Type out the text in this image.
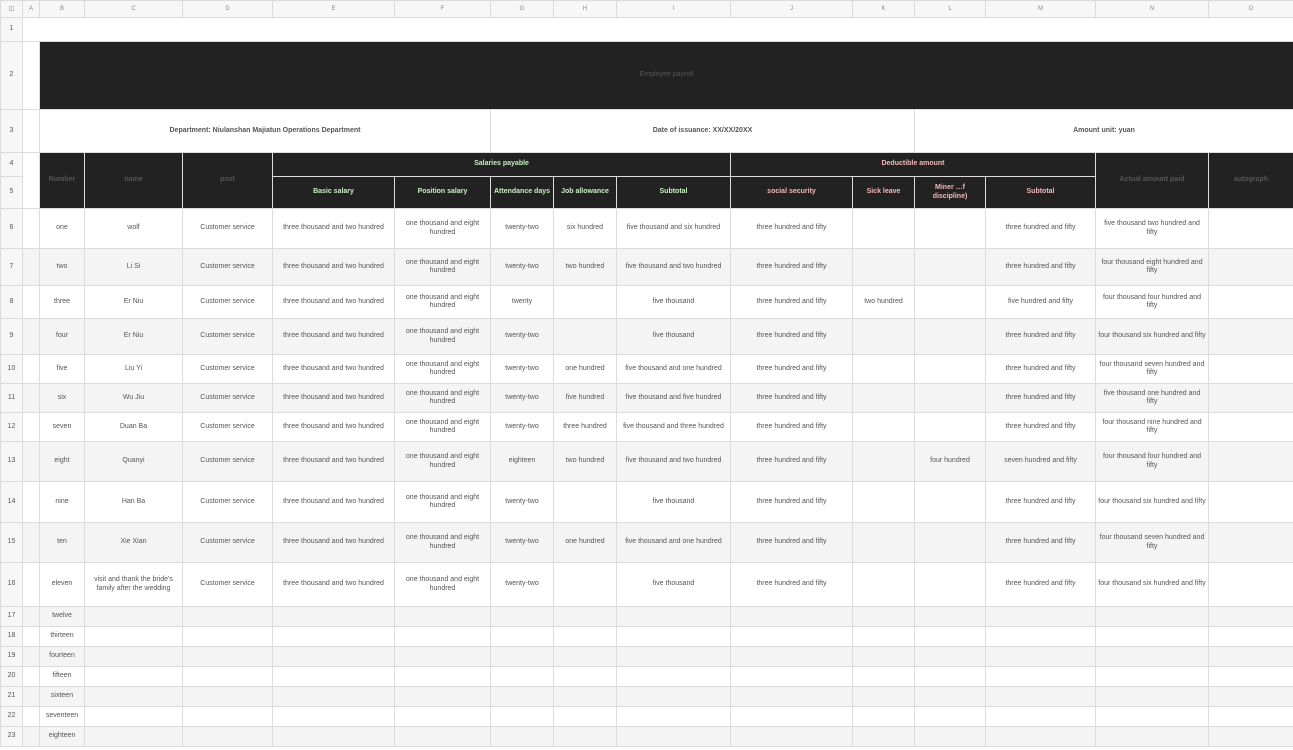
◫	A	B	C	D	E	F	G	H	I	J	K	L	M	N	O
1															
2		Employee payroll													
3		Department: Niulanshan Majiatun Operations Department					Date of issuance: XX/XX/20XX					Amount unit: yuan			
4		Number	name	post	Salaries payable					Deductible amount				Actual amount paid	autograph
5					Basic salary	Position salary	Attendance days	Job allowance	Subtotal	social security	Sick leave	Miner …f discipline)	Subtotal		
6		one	wolf	Customer service	three thousand and two hundred	one thousand and eight hundred	twenty-two	six hundred	five thousand and six hundred	three hundred and fifty			three hundred and fifty	five thousand two hundred and fifty	
7		two	Li Si	Customer service	three thousand and two hundred	one thousand and eight hundred	twenty-two	two hundred	five thousand and two hundred	three hundred and fifty			three hundred and fifty	four thousand eight hundred and fifty	
8		three	Er Niu	Customer service	three thousand and two hundred	one thousand and eight hundred	twenty		five thousand	three hundred and fifty	two hundred		five hundred and fifty	four thousand four hundred and fifty	
9		four	Er Niu	Customer service	three thousand and two hundred	one thousand and eight hundred	twenty-two		five thousand	three hundred and fifty			three hundred and fifty	four thousand six hundred and fifty	
10		five	Liu Yi	Customer service	three thousand and two hundred	one thousand and eight hundred	twenty-two	one hundred	five thousand and one hundred	three hundred and fifty			three hundred and fifty	four thousand seven hundred and fifty	
11		six	Wu Jiu	Customer service	three thousand and two hundred	one thousand and eight hundred	twenty-two	five hundred	five thousand and five hundred	three hundred and fifty			three hundred and fifty	five thousand one hundred and fifty	
12		seven	Duan Ba	Customer service	three thousand and two hundred	one thousand and eight hundred	twenty-two	three hundred	five thousand and three hundred	three hundred and fifty			three hundred and fifty	four thousand nine hundred and fifty	
13		eight	Quanyi	Customer service	three thousand and two hundred	one thousand and eight hundred	eighteen	two hundred	five thousand and two hundred	three hundred and fifty		four hundred	seven hundred and fifty	four thousand four hundred and fifty	
14		nine	Han Ba	Customer service	three thousand and two hundred	one thousand and eight hundred	twenty-two		five thousand	three hundred and fifty			three hundred and fifty	four thousand six hundred and fifty	
15		ten	Xie Xian	Customer service	three thousand and two hundred	one thousand and eight hundred	twenty-two	one hundred	five thousand and one hundred	three hundred and fifty			three hundred and fifty	four thousand seven hundred and fifty	
16		eleven	visit and thank the bride's family after the wedding	Customer service	three thousand and two hundred	one thousand and eight hundred	twenty-two		five thousand	three hundred and fifty			three hundred and fifty	four thousand six hundred and fifty	
17		twelve													
18		thirteen													
19		fourteen													
20		fifteen													
21		sixteen													
22		seventeen													
23		eighteen													
